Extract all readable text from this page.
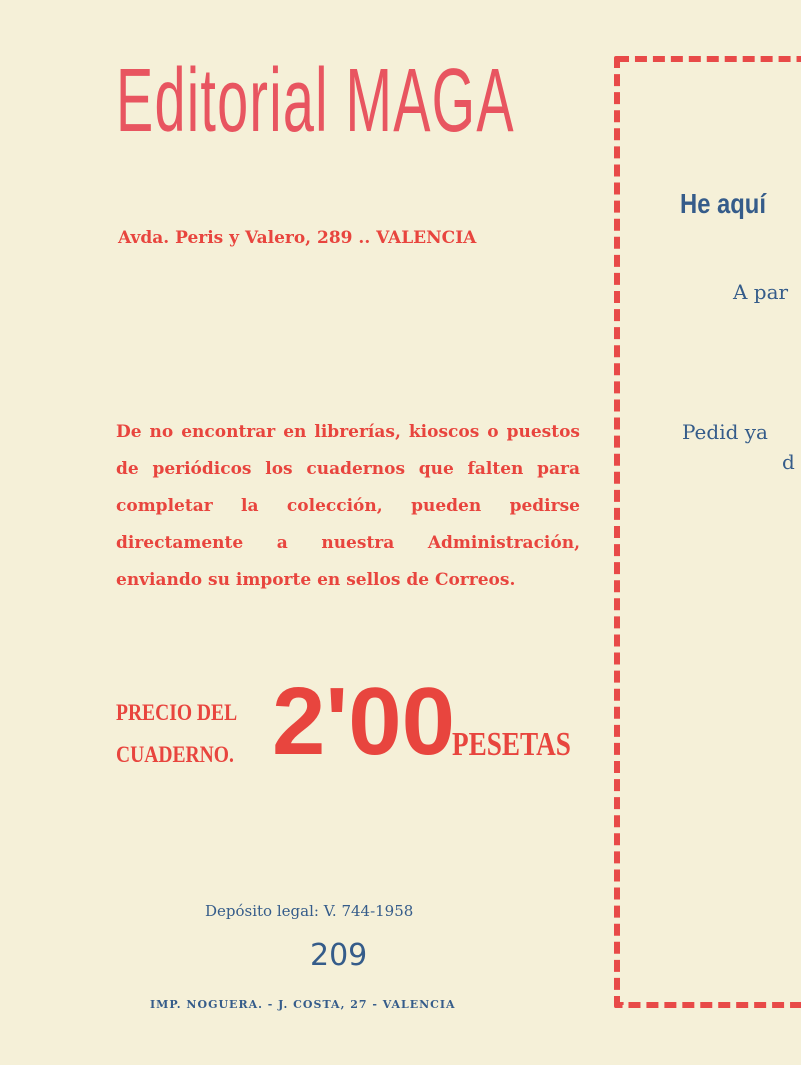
Editorial MAGA
Avda. Peris y Valero, 289 .. VALENCIA
De no encontrar en librerías, kioscos o puestos de periódicos los cuadernos que falten para completar la colección, pueden pedirse directamente a nuestra Administración, enviando su importe en sellos de Correos.
PRECIO DEL
CUADERNO. 2'00
PESETAS
Depósito legal: V. 744-1958
209
IMP. NOGUERA. - J. COSTA, 27 - VALENCIA
He aquí
A par
Pedid ya
d
